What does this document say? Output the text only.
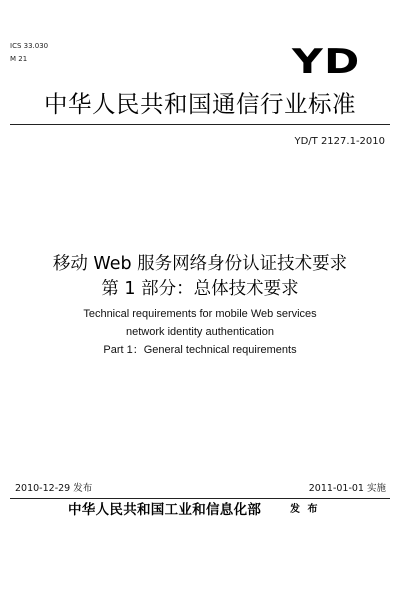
ICS 33.030
M 21	YD
中华人民共和国通信行业标准
YD/T 2127.1-2010
移动 Web 服务网络身份认证技术要求
第 1 部分：总体技术要求
Technical requirements for mobile Web services
network identity authentication
Part 1：General technical requirements
2010-12-29 发布	2011-01-01 实施
中华人民共和国工业和信息化部	发 布
